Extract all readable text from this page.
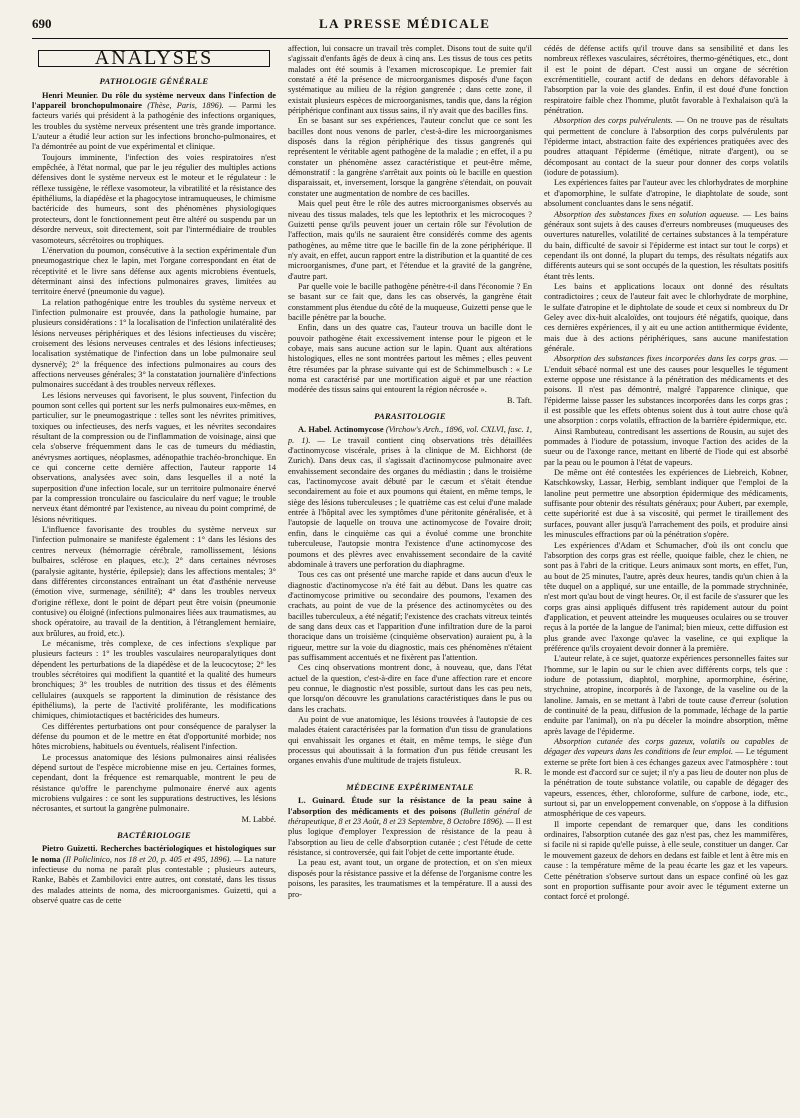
690	LA PRESSE MÉDICALE
ANALYSES
PATHOLOGIE GÉNÉRALE

Henri Meunier. Du rôle du système nerveux dans l'infection de l'appareil bronchopulmonaire (Thèse, Paris, 1896). — Parmi les facteurs variés qui président à la pathogénie des infections organiques, les troubles du système nerveux présentent une très grande importance. L'auteur a étudié leur action sur les infections broncho-pulmonaires, et l'a démontrée au point de vue expérimental et clinique.

Toujours imminente, l'infection des voies respiratoires n'est empêchée, à l'état normal, que par le jeu régulier des multiples actions défensives dont le système nerveux est le moteur et le régulateur : le réflexe tussigène, le réflexe vasomoteur, la vibratilité et la résistance des épithéliums, la diapédèse et la phagocytose intramuqueuses, le chimisme bactéricide des humeurs, sont des phénomènes physiologiques protecteurs, dont le fonctionnement peut être altéré ou suspendu par un désordre nerveux, soit directement, soit par l'intermédiaire de troubles vasomoteurs, sécrétoires ou trophiques.

L'énervation du poumon, consécutive à la section expérimentale d'un pneumogastrique chez le lapin, met l'organe correspondant en état de réceptivité et le livre sans défense aux agents microbiens éventuels, déterminant ainsi des infections pulmonaires graves, limitées au territoire énervé (pneumonie du vague).

La relation pathogénique entre les troubles du système nerveux et l'infection pulmonaire est prouvée, dans la pathologie humaine, par plusieurs considérations : 1° la localisation de l'infection unilatéralité des lésions nerveuses périphériques et des lésions infectieuses du viscère; croisement des lésions nerveuses centrales et des lésions infectieuses; localisation systématique de l'infection dans un lobe pulmonaire seul dysnervé); 2° la fréquence des infections pulmonaires au cours des affections nerveuses générales; 3° la constatation journalière d'infections pulmonaires succédant à des troubles nerveux réflexes.

Les lésions nerveuses qui favorisent, le plus souvent, l'infection du poumon sont celles qui portent sur les nerfs pulmonaires eux-mêmes, en particulier, sur le pneumogastrique : telles sont les névrites primitives, toxiques ou infectieuses, des nerfs vagues, et les névrites secondaires résultant de la compression ou de l'inflammation de voisinage, ainsi que cela s'observe fréquemment dans le cas de tumeurs du médiastin, anévrysmes aortiques, néoplasmes, adénopathie trachéo-bronchique. En ce qui concerne cette dernière affection, l'auteur rapporte 14 observations, analysées avec soin, dans lesquelles il a noté la superposition d'une infection locale, sur un territoire pulmonaire énervé par la compression tronculaire ou fasciculaire du nerf vague; le trouble nerveux étant démontré par l'existence, au niveau du point comprimé, de lésions névritiques.

L'influence favorisante des troubles du système nerveux sur l'infection pulmonaire se manifeste également : 1° dans les lésions des centres nerveux (hémorragie cérébrale, ramollissement, lésions bulbaires, sclérose en plaques, etc.); 2° dans certaines névroses (paralysie agitante, hystérie, épilepsie); dans les affections mentales; 3° dans différentes circonstances entraînant un état d'asthénie nerveuse (émotion vive, surmenage, sénilité); 4° dans les troubles nerveux d'origine réflexe, dont le point de départ peut être voisin (pneumonie contusive) ou éloigné (infections pulmonaires liées aux traumatismes, au shock opératoire, au travail de la dentition, à l'étranglement herniaire, aux brûlures, au froid, etc.).

Le mécanisme, très complexe, de ces infections s'explique par plusieurs facteurs : 1° les troubles vasculaires neuroparalytiques dont dépendent les perturbations de la diapédèse et de la leucocytose; 2° les troubles sécrétoires qui modifient la quantité et la qualité des humeurs bronchiques; 3° les troubles de nutrition des tissus et des éléments cellulaires (auxquels se rapportent la diminution de résistance des épithéliums), la perte de l'activité proliférante, les modifications chimiques, chimiotactiques et bactéricides des humeurs.

Ces différentes perturbations ont pour conséquence de paralyser la défense du poumon et de le mettre en état d'opportunité morbide; nos hôtes microbiens, habituels ou éventuels, réalisent l'infection.

Le processus anatomique des lésions pulmonaires ainsi réalisées dépend surtout de l'espèce microbienne mise en jeu. Certaines formes, cependant, dont la fréquence est remarquable, montrent le peu de résistance qu'offre le parenchyme pulmonaire énervé aux agents microbiens vulgaires : ce sont les suppurations destructives, les lésions nécrosantes, et surtout la gangrène pulmonaire.

M. Labbé.

BACTÉRIOLOGIE

Pietro Guizetti. Recherches bactériologiques et histologiques sur le noma (Il Policlinico, nos 18 et 20, p. 405 et 495, 1896). — La nature infectieuse du noma ne paraît plus contestable ; plusieurs auteurs, Ranke, Babès et Zambilovici entre autres, ont constaté, dans les tissus des malades atteints de noma, des microorganismes. Guizetti, qui a observé quatre cas de cette

affection, lui consacre un travail très complet. Disons tout de suite qu'il s'agissait d'enfants âgés de deux à cinq ans. Les tissus de tous ces petits malades ont été soumis à l'examen microscopique. Le premier fait constaté a été la présence de microorganismes disposés d'une façon systématique au milieu de la région gangrenée ; dans cette zone, il existait plusieurs espèces de microorganismes, tandis que, dans la région périphérique confinant aux tissus sains, il n'y avait que des bacilles fins.

En se basant sur ses expériences, l'auteur conclut que ce sont les bacilles dont nous venons de parler, c'est-à-dire les microorganismes disposés dans la région périphérique des tissus gangrenés qui représentent le véritable agent pathogène de la maladie ; en effet, il a pu constater un phénomène assez caractéristique et peut-être même, démonstratif : la gangrène s'arrêtait aux points où le bacille en question disparaissait, et, inversement, lorsque la gangrène s'étendait, on pouvait constater une augmentation de nombre de ces bacilles.

Mais quel peut être le rôle des autres microorganismes observés au niveau des tissus malades, tels que les leptothrix et les microcoques ? Guizetti pense qu'ils peuvent jouer un certain rôle sur l'évolution de l'affection, mais qu'ils ne sauraient être considérés comme des agents pathogènes, au même titre que le bacille fin de la zone périphérique. Il n'y avait, en effet, aucun rapport entre la distribution et la quantité de ces microorganismes, d'une part, et l'étendue et la gravité de la gangrène, d'autre part.

Par quelle voie le bacille pathogène pénètre-t-il dans l'économie ? En se basant sur ce fait que, dans les cas observés, la gangrène était constamment plus étendue du côté de la muqueuse, Guizetti pense que le bacille pénètre par la bouche.

Enfin, dans un des quatre cas, l'auteur trouva un bacille dont le pouvoir pathogène était excessivement intense pour le pigeon et le cobaye, mais sans aucune action sur le lapin. Quant aux altérations histologiques, elles ne sont montrées partout les mêmes ; elles peuvent être résumées par la phrase suivante qui est de Schimmelbusch : « Le noma est caractérisé par une mortification aiguë et par une réaction modérée des tissus sains qui entourent la région nécrosée ».

B. Taft.

PARASITOLOGIE

A. Habel. Actinomycose (Virchow's Arch., 1896, vol. CXLVI, fasc. 1, p. 1). — Le travail contient cinq observations très détaillées d'actinomycose viscérale, prises à la clinique de M. Eichhorst (de Zurich). Dans deux cas, il s'agissait d'actinomycose pulmonaire avec envahissement secondaire des organes du médiastin ; dans le troisième cas, l'actinomycose avait débuté par le cæcum et s'était étendue secondairement au foie et aux poumons qui étaient, en même temps, le siège des lésions tuberculeuses ; le quatrième cas est celui d'une malade entrée à l'hôpital avec les symptômes d'une péritonite généralisée, et à l'autopsie de laquelle on trouva une actinomycose de l'ovaire droit; enfin, dans le cinquième cas qui a évolué comme une bronchite tuberculeuse, l'autopsie montra l'existence d'une actinomycose des poumons et des plèvres avec envahissement secondaire de la cavité abdominale à travers une perforation du diaphragme.

Tous ces cas ont présenté une marche rapide et dans aucun d'eux le diagnostic d'actinomycose n'a été fait au début. Dans les quatre cas d'actinomycose primitive ou secondaire des poumons, l'examen des crachats, au point de vue de la présence des actinomycètes ou des bacilles tuberculeux, a été négatif; l'existence des crachats vitreux teintés de sang dans deux cas et l'apparition d'une infiltration dure de la paroi thoracique dans un troisième (cinquième observation) auraient pu, à la rigueur, mettre sur la voie du diagnostic, mais ces phénomènes n'étaient pas suffisamment accentués et ne fixèrent pas l'attention.

Ces cinq observations montrent donc, à nouveau, que, dans l'état actuel de la question, c'est-à-dire en face d'une affection rare et encore peu connue, le diagnostic n'est possible, surtout dans les cas peu nets, que lorsqu'on découvre les granulations caractéristiques dans le pus ou dans les crachats.

Au point de vue anatomique, les lésions trouvées à l'autopsie de ces malades étaient caractérisées par la formation d'un tissu de granulations qui envahissait les organes et était, en même temps, le siège d'un processus qui aboutissait à la formation d'un pus fétide creusant les organes envahis d'une multitude de trajets fistuleux.

R. R.

MÉDECINE EXPÉRIMENTALE

L. Guinard. Étude sur la résistance de la peau saine à l'absorption des médicaments et des poisons (Bulletin général de thérapeutique, 8 et 23 Août, 8 et 23 Septembre, 8 Octobre 1896). — Il est plus logique d'employer l'expression de résistance de la peau à l'absorption au lieu de celle d'absorption cutanée ; c'est l'étude de cette résistance, si controversée, qui fait l'objet de cette importante étude.

La peau est, avant tout, un organe de protection, et on s'en mieux disposés pour la résistance passive et la défense de l'organisme contre les poisons, les parasites, les traumatismes et la température. Il a aussi des pro-

cédés de défense actifs qu'il trouve dans sa sensibilité et dans les nombreux réflexes vasculaires, sécrétoires, thermo-génétiques, etc., dont il est le point de départ. C'est aussi un organe de sécrétion excrémentitielle, courant actif de dedans en dehors défavorable à l'absorption par la voie des glandes. Enfin, il est doué d'une fonction respiratoire faible chez l'homme, plutôt favorable à l'exhalaison qu'à la pénétration.

Absorption des corps pulvérulents. — On ne trouve pas de résultats qui permettent de conclure à l'absorption des corps pulvérulents par l'épiderme intact, abstraction faite des expériences pratiquées avec des poudres attaquant l'épiderme (émétique, nitrate d'argent), ou se décomposant au contact de la sueur pour donner des corps volatils (iodure de potassium).

Les expériences faites par l'auteur avec les chlorhydrates de morphine et d'apomorphine, le sulfate d'atropine, le diaphtolate de soude, sont absolument concluantes dans le sens négatif.

Absorption des substances fixes en solution aqueuse. — Les bains généraux sont sujets à des causes d'erreurs nombreuses (muqueuses des ouvertures naturelles, volatilité de certaines substances à la température du bain, difficulté de savoir si l'épiderme est intact sur tout le corps) et cependant ils ont donné, la plupart du temps, des résultats négatifs aux différents auteurs qui se sont occupés de la question, les résultats positifs étant très lents.

Les bains et applications locaux ont donné des résultats contradictoires ; ceux de l'auteur fait avec le chlorhydrate de morphine, le sulfate d'atropine et le diphtolate de soude et ceux si nombreux du Dr Geley avec dix-huit alcaloïdes, ont toujours été négatifs, quoique, dans ces dernières expériences, il y ait eu une action antithermique évidente, mais due à des actions périphériques, sans aucune manifestation générale.

Absorption des substances fixes incorporées dans les corps gras. — L'enduit sébacé normal est une des causes pour lesquelles le tégument externe oppose une résistance à la pénétration des médicaments et des poisons. Il n'est pas démontré, malgré l'apparence clinique, que l'épiderme laisse passer les substances incorporées dans les corps gras ; il est possible que les effets obtenus soient dus à tout autre chose qu'à une absorption : corps volatils, effraction de la barrière épidermique, etc.

Ainsi Rambuteau, contredisant les assertions de Rousin, au sujet des pommades à l'iodure de potassium, invoque l'action des acides de la sueur ou de l'axonge rance, mettant en liberté de l'iode qui est absorbé par la peau ou le poumon à l'état de vapeurs.

De même ont été contestées les expériences de Liebreich, Kobner, Katschkowsky, Lassar, Herbig, semblant indiquer que l'emploi de la lanoline peut permettre une absorption épidermique des médicaments, suffisante pour obtenir des résultats généraux; pour Aubert, par exemple, cette supériorité est due à sa viscosité, qui permet le tiraillement des surfaces, pouvant aller jusqu'à l'arrachement des poils, et produire ainsi les minuscules effractions par où la pénétration s'opère.

Les expériences d'Adam et Schumacher, d'où ils ont conclu que l'absorption des corps gras est réelle, quoique faible, chez le chien, ne sont pas à l'abri de la critique. Leurs animaux sont morts, en effet, l'un, au bout de 25 minutes, l'autre, après deux heures, tandis qu'un chien à la tête duquel on a appliqué, sur une entaille, de la pommade strychninée, n'est mort qu'au bout de vingt heures. Or, il est facile de s'assurer que les corps gras ainsi appliqués diffusent très rapidement autour du point d'application, et peuvent atteindre les muqueuses oculaires ou se trouver reçus à la portée de la langue de l'animal; bien mieux, cette diffusion est plus grande avec l'axonge qu'avec la vaseline, ce qui explique la préférence qu'ils croyaient devoir donner à la première.

L'auteur relate, à ce sujet, quatorze expériences personnelles faites sur l'homme, sur le lapin ou sur le chien avec différents corps, tels que : iodure de potassium, diaphtol, morphine, apormorphine, ésérine, strychnine, atropine, incorporés à de l'axonge, de la vaseline ou de la lanoline. Jamais, en se mettant à l'abri de toute cause d'erreur (solution de continuité de la peau, diffusion de la pommade, léchage de la partie enduite par l'animal), on n'a pu déceler la moindre absorption, même après lavage de l'épiderme.

Absorption cutanée des corps gazeux, volatils ou capables de dégager des vapeurs dans les conditions de leur emploi. — Le tégument externe se prête fort bien à ces échanges gazeux avec l'atmosphère : tout le monde est d'accord sur ce sujet; il n'y a pas lieu de douter non plus de la pénétration de toute substance volatile, ou capable de dégager des vapeurs, essences, éther, chloroforme, sulfure de carbone, iode, etc., surtout si, par un enveloppement convenable, on s'oppose à la diffusion atmosphérique de ces vapeurs.

Il importe cependant de remarquer que, dans les conditions ordinaires, l'absorption cutanée des gaz n'est pas, chez les mammifères, si facile ni si rapide qu'elle puisse, à elle seule, constituer un danger. Car le mouvement gazeux de dehors en dedans est faible et lent à être mis en cause : la température même de la peau écarte les gaz et les vapeurs. Cette pénétration s'observe surtout dans un espace confiné où les gaz sont en proportion suffisante pour avoir avec le tégument externe un contact forcé et prolongé.
